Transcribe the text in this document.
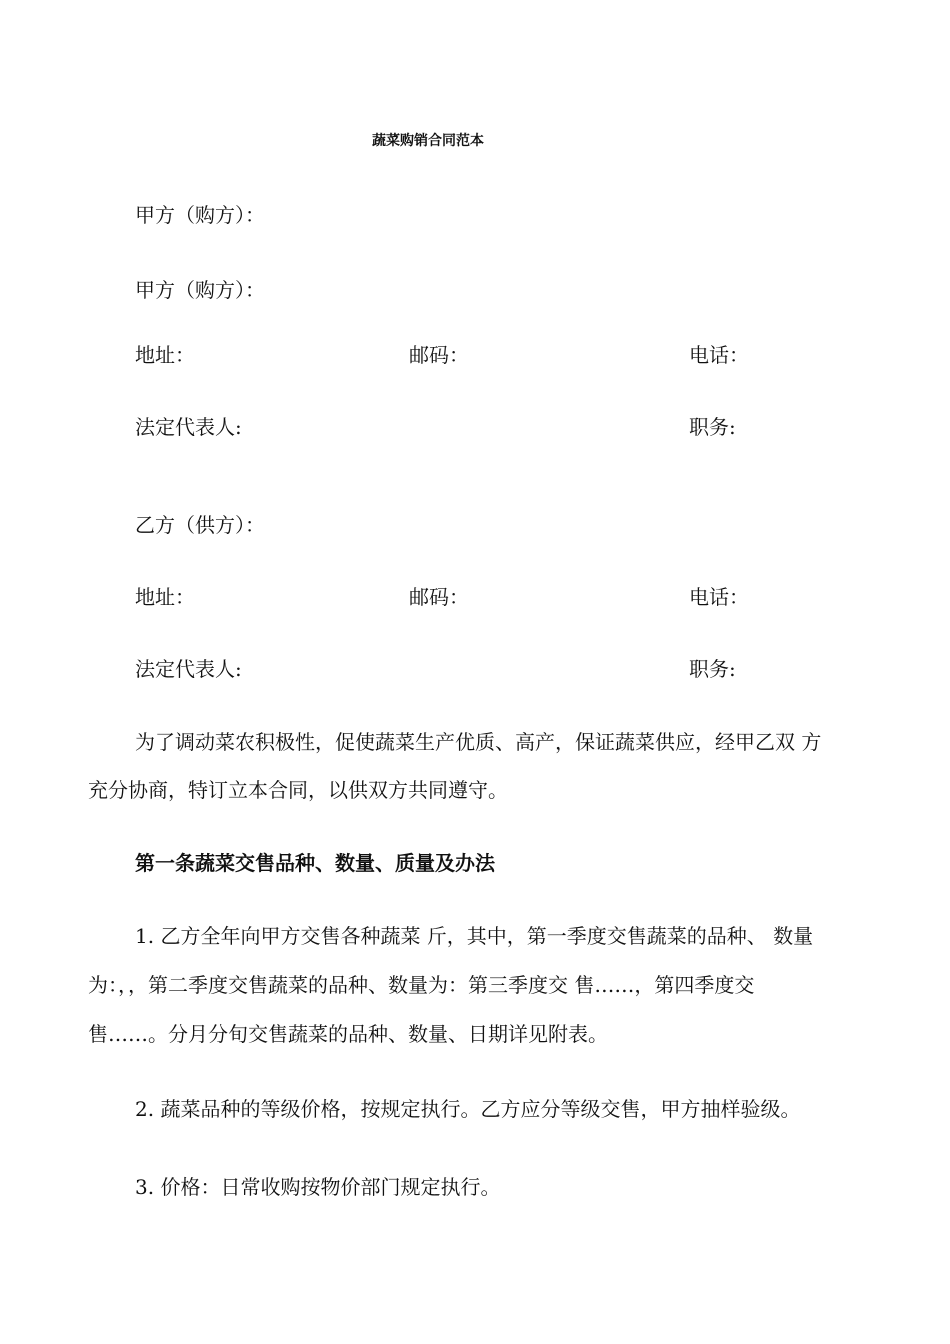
蔬菜购销合同范本
甲方（购方）：
甲方（购方）：
地址：	邮码：	电话：
法定代表人:	职务:
乙方（供方）：
地址：	邮码：	电话：
法定代表人:	职务:
为了调动菜农积极性，促使蔬菜生产优质、高产，保证蔬菜供应，经甲乙双 方
充分协商，特订立本合同，以供双方共同遵守。
第一条蔬菜交售品种、数量、质量及办法
1. 乙方全年向甲方交售各种蔬菜 斤，其中，第一季度交售蔬菜的品种、 数量
为：，，第二季度交售蔬菜的品种、数量为：第三季度交 售……，第四季度交
售……。分月分旬交售蔬菜的品种、数量、日期详见附表。
2. 蔬菜品种的等级价格，按规定执行。乙方应分等级交售，甲方抽样验级。
3. 价格：日常收购按物价部门规定执行。
